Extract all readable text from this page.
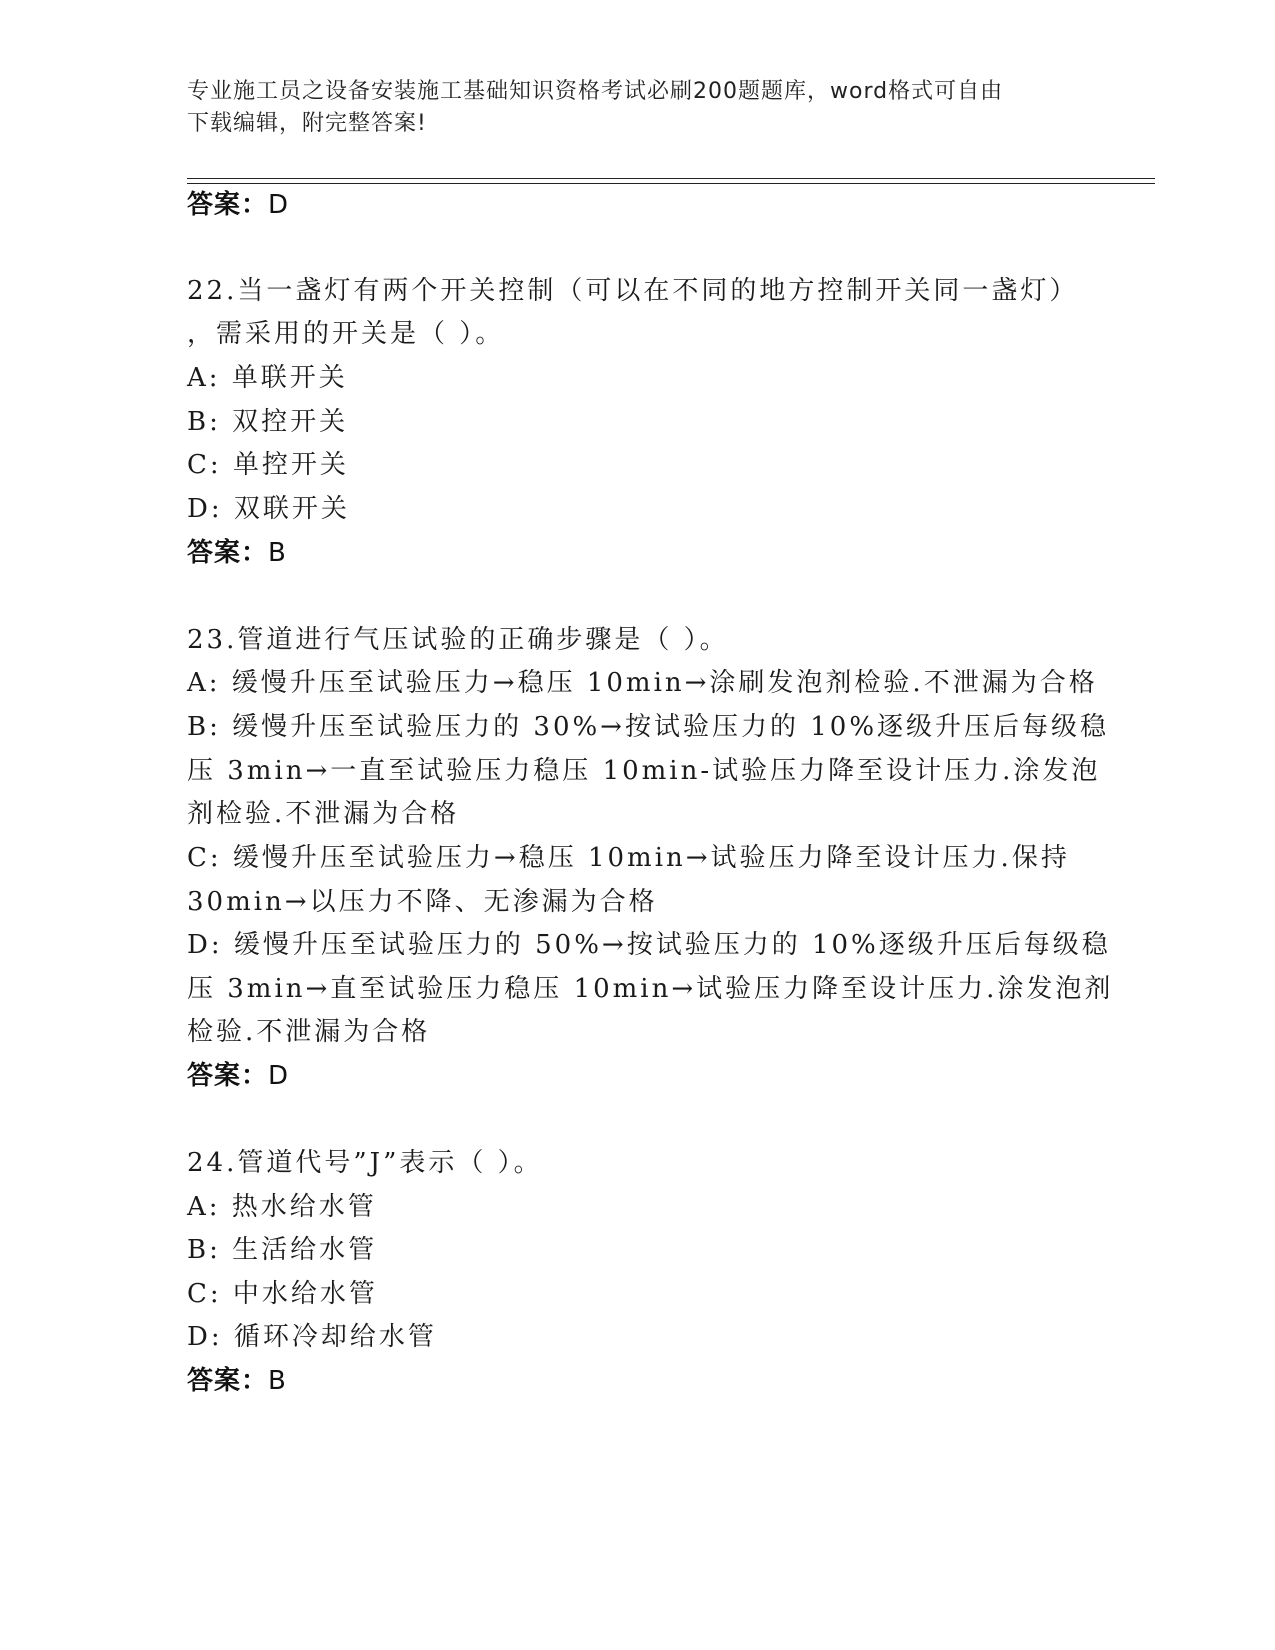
专业施工员之设备安装施工基础知识资格考试必刷200题题库，word格式可自由
下载编辑，附完整答案!
答案：D
22.当一盏灯有两个开关控制（可以在不同的地方控制开关同一盏灯）
，需采用的开关是（ ）。
A: 单联开关
B: 双控开关
C: 单控开关
D: 双联开关
答案：B
23.管道进行气压试验的正确步骤是（ ）。
A: 缓慢升压至试验压力→稳压 10min→涂刷发泡剂检验.不泄漏为合格
B: 缓慢升压至试验压力的 30%→按试验压力的 10%逐级升压后每级稳
压 3min→一直至试验压力稳压 10min-试验压力降至设计压力.涂发泡
剂检验.不泄漏为合格
C: 缓慢升压至试验压力→稳压 10min→试验压力降至设计压力.保持
30min→以压力不降、无渗漏为合格
D: 缓慢升压至试验压力的 50%→按试验压力的 10%逐级升压后每级稳
压 3min→直至试验压力稳压 10min→试验压力降至设计压力.涂发泡剂
检验.不泄漏为合格
答案：D
24.管道代号”J”表示（ ）。
A: 热水给水管
B: 生活给水管
C: 中水给水管
D: 循环冷却给水管
答案：B
